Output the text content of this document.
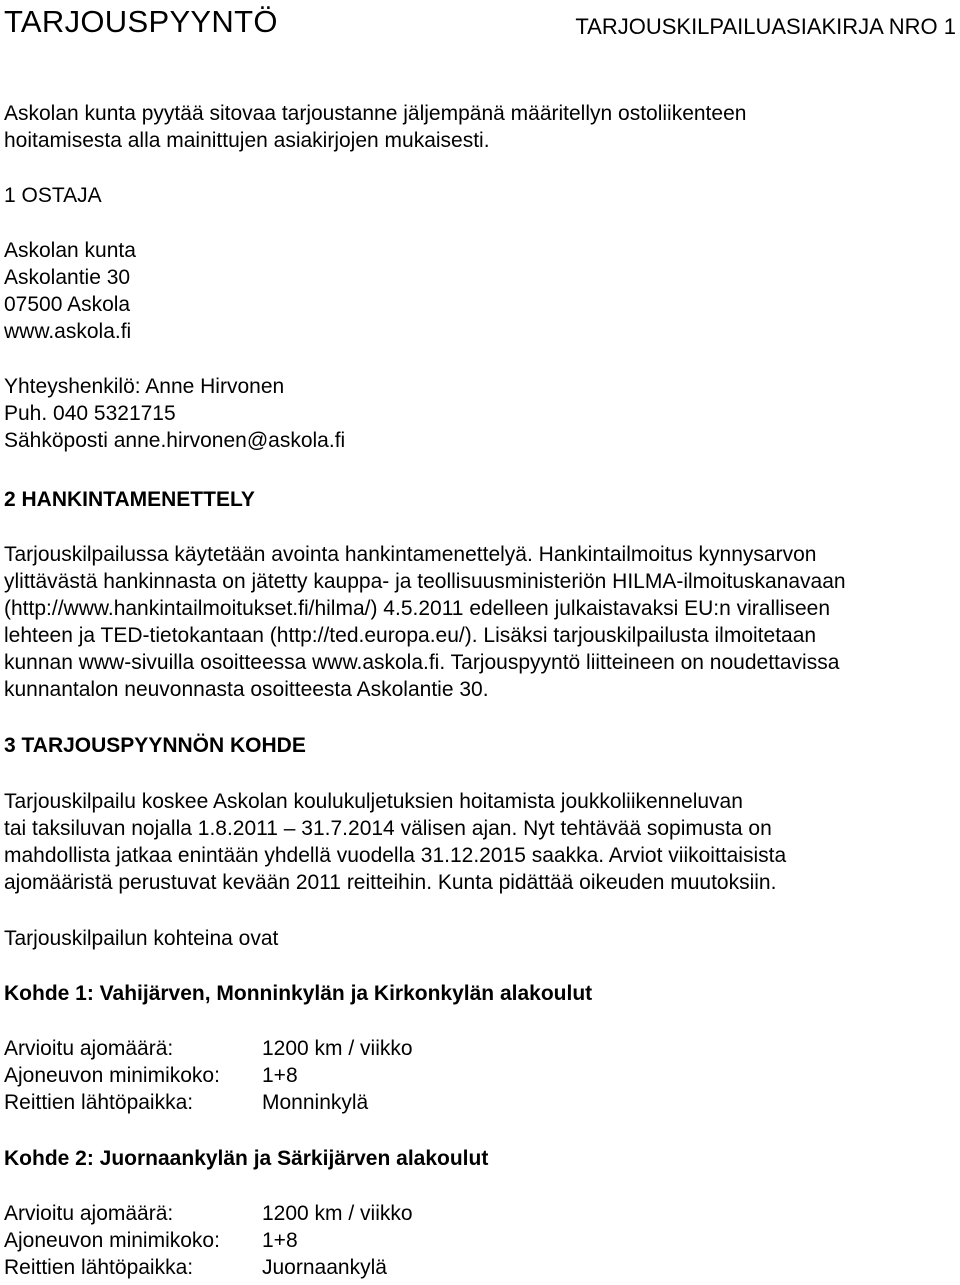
TARJOUSPYYNTÖ	TARJOUSKILPAILUASIAKIRJA NRO 1
Askolan kunta pyytää sitovaa tarjoustanne jäljempänä määritellyn ostoliikenteen
hoitamisesta alla mainittujen asiakirjojen mukaisesti.
1 OSTAJA
Askolan kunta
Askolantie 30
07500 Askola
www.askola.fi
Yhteyshenkilö: Anne Hirvonen
Puh. 040 5321715
Sähköposti anne.hirvonen@askola.fi
2 HANKINTAMENETTELY
Tarjouskilpailussa käytetään avointa hankintamenettelyä. Hankintailmoitus kynnysarvon
ylittävästä hankinnasta on jätetty kauppa- ja teollisuusministeriön HILMA-ilmoituskanavaan
(http://www.hankintailmoitukset.fi/hilma/) 4.5.2011 edelleen julkaistavaksi EU:n viralliseen
lehteen ja TED-tietokantaan (http://ted.europa.eu/). Lisäksi tarjouskilpailusta ilmoitetaan
kunnan www-sivuilla osoitteessa www.askola.fi. Tarjouspyyntö liitteineen on noudettavissa
kunnantalon neuvonnasta osoitteesta Askolantie 30.
3 TARJOUSPYYNNÖN KOHDE
Tarjouskilpailu koskee Askolan koulukuljetuksien hoitamista joukkoliikenneluvan
tai taksiluvan nojalla 1.8.2011 – 31.7.2014 välisen ajan. Nyt tehtävää sopimusta on
mahdollista jatkaa enintään yhdellä vuodella 31.12.2015 saakka. Arviot viikoittaisista
ajomääristä perustuvat kevään 2011 reitteihin. Kunta pidättää oikeuden muutoksiin.
Tarjouskilpailun kohteina ovat
Kohde 1: Vahijärven, Monninkylän ja Kirkonkylän alakoulut
Arvioitu ajomäärä:	1200 km / viikko
Ajoneuvon minimikoko: 1+8
Reittien lähtöpaikka:	Monninkylä
Kohde 2: Juornaankylän ja Särkijärven alakoulut
Arvioitu ajomäärä:	1200 km / viikko
Ajoneuvon minimikoko: 1+8
Reittien lähtöpaikka:	Juornaankylä
